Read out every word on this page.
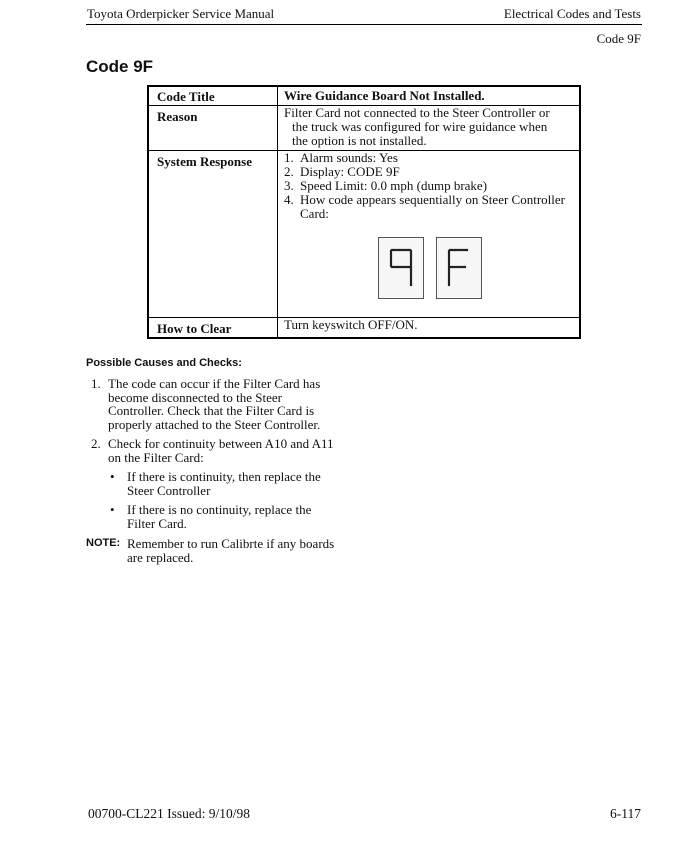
Toyota Orderpicker Service Manual	Electrical Codes and Tests
Code 9F
Code 9F
Code Title	Wire Guidance Board Not Installed.
Reason	Filter Card not connected to the Steer Controller or
the truck was configured for wire guidance when
the option is not installed.
System Response 1. Alarm sounds: Yes
2. Display: CODE 9F
3. Speed Limit: 0.0 mph (dump brake)
4. How code appears sequentially on Steer Controller
Card:
How to Clear	Turn keyswitch OFF/ON.
Possible Causes and Checks:
1. The code can occur if the Filter Card has
become disconnected to the Steer
Controller. Check that the Filter Card is
properly attached to the Steer Controller.
2. Check for continuity between A10 and A11
on the Filter Card:
• If there is continuity, then replace the
Steer Controller
• If there is no continuity, replace the
Filter Card.
NOTE: Remember to run Calibrte if any boards
are replaced.
00700-CL221 Issued: 9/10/98	6-117
